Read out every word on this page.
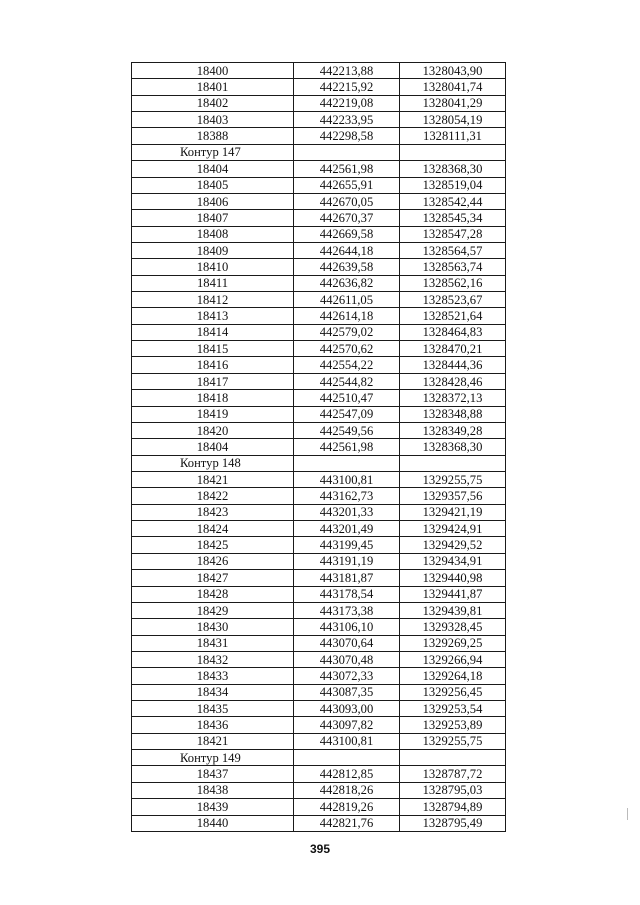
18400	442213,88	1328043,90
18401	442215,92	1328041,74
18402	442219,08	1328041,29
18403	442233,95	1328054,19
18388	442298,58	1328111,31
Контур 147		
18404	442561,98	1328368,30
18405	442655,91	1328519,04
18406	442670,05	1328542,44
18407	442670,37	1328545,34
18408	442669,58	1328547,28
18409	442644,18	1328564,57
18410	442639,58	1328563,74
18411	442636,82	1328562,16
18412	442611,05	1328523,67
18413	442614,18	1328521,64
18414	442579,02	1328464,83
18415	442570,62	1328470,21
18416	442554,22	1328444,36
18417	442544,82	1328428,46
18418	442510,47	1328372,13
18419	442547,09	1328348,88
18420	442549,56	1328349,28
18404	442561,98	1328368,30
Контур 148		
18421	443100,81	1329255,75
18422	443162,73	1329357,56
18423	443201,33	1329421,19
18424	443201,49	1329424,91
18425	443199,45	1329429,52
18426	443191,19	1329434,91
18427	443181,87	1329440,98
18428	443178,54	1329441,87
18429	443173,38	1329439,81
18430	443106,10	1329328,45
18431	443070,64	1329269,25
18432	443070,48	1329266,94
18433	443072,33	1329264,18
18434	443087,35	1329256,45
18435	443093,00	1329253,54
18436	443097,82	1329253,89
18421	443100,81	1329255,75
Контур 149		
18437	442812,85	1328787,72
18438	442818,26	1328795,03
18439	442819,26	1328794,89
18440	442821,76	1328795,49
395
